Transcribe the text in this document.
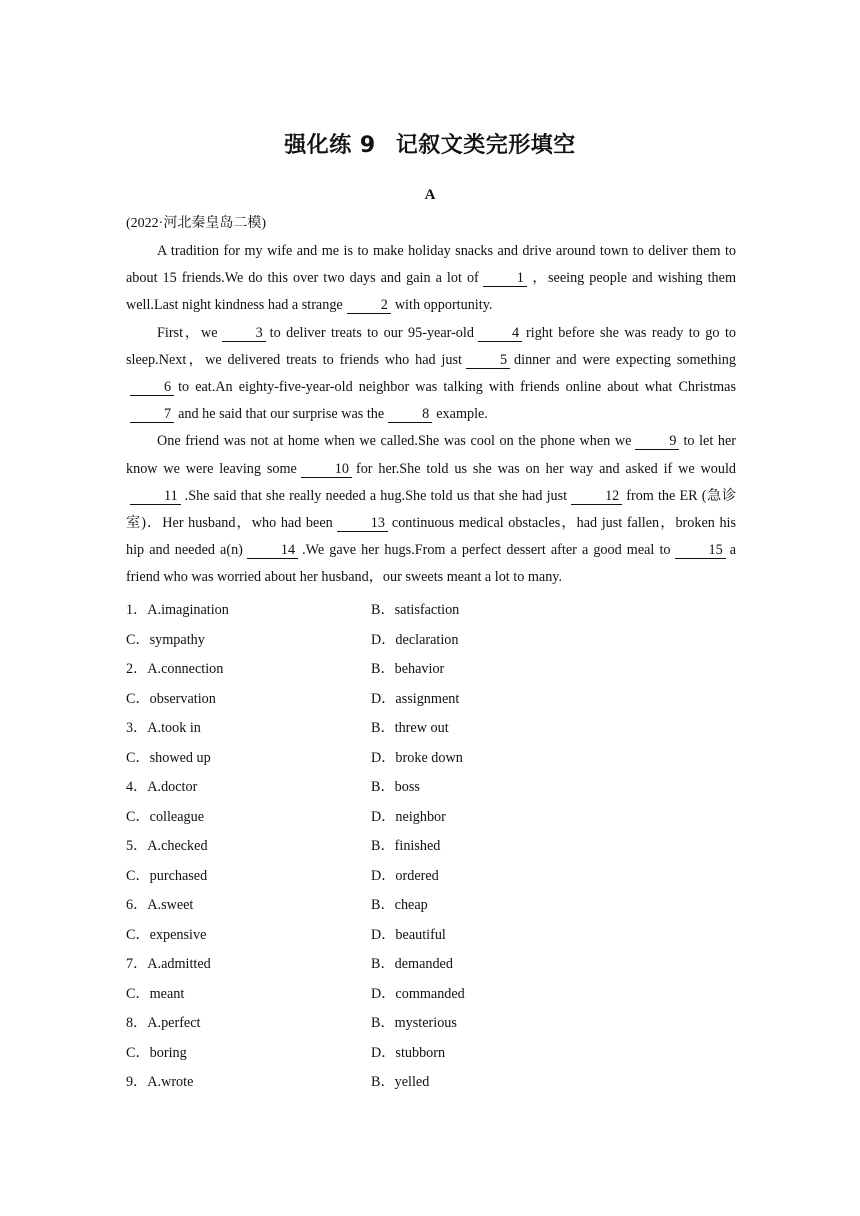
强化练 9 记叙文类完形填空
A
(2022·河北秦皇岛二模)

A tradition for my wife and me is to make holiday snacks and drive around town to deliver them to about 15 friends.We do this over two days and gain a lot of	1 ，seeing people and wishing them well.Last night kindness had a strange	2 with opportunity.

First，we	3 to deliver treats to our 95-year-old	4 right before she was ready to go to sleep.Next，we delivered treats to friends who had just	5 dinner and were expecting something6 to eat.An eighty-five-year-old neighbor was talking with friends online about what Christmas7 and he said that our surprise was the	8 example.

One friend was not at home when we called.She was cool on the phone when we	9 to let her know we were leaving some	10 for her.She told us she was on her way and asked if we would11 .She said that she really needed a hug.She told us that she had just	12 from the ER (急诊室)．Her husband，who had been	13 continuous medical obstacles，had just fallen，broken his hip and needed a(n)	14 .We gave her hugs.From a perfect dessert after a good meal to	15 a friend who was worried about her husband，our sweets meant a lot to many.

1．A.imagination	B．satisfaction
C．sympathy	D．declaration
2．A.connection	B．behavior
C．observation	D．assignment
3．A.took in	B．threw out
C．showed up	D．broke down
4．A.doctor	B．boss
C．colleague	D．neighbor
5．A.checked	B．finished
C．purchased	D．ordered
6．A.sweet	B．cheap
C．expensive	D．beautiful
7．A.admitted	B．demanded
C．meant	D．commanded
8．A.perfect	B．mysterious
C．boring	D．stubborn
9．A.wrote	B．yelled
